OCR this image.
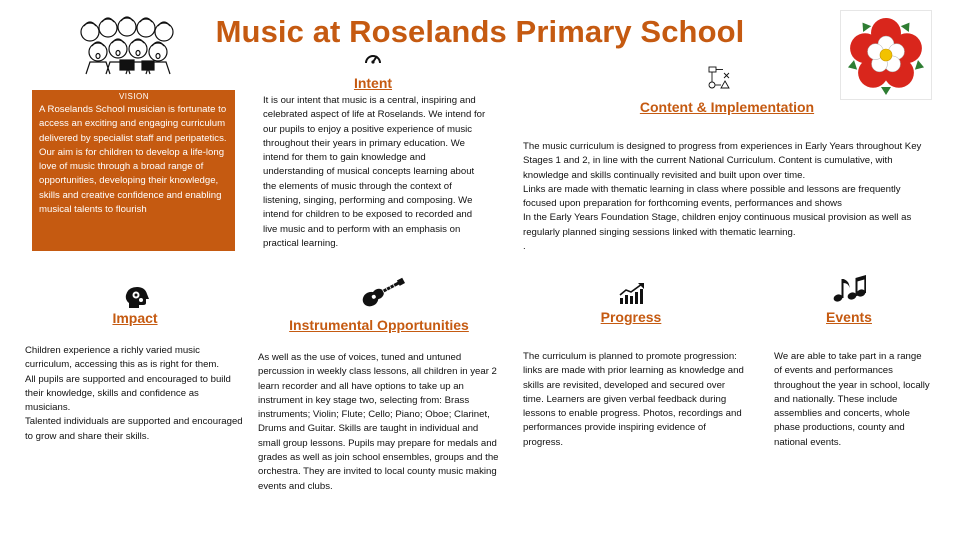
Music at Roselands Primary School
VISION
A Roselands School musician is fortunate to access an exciting and engaging curriculum delivered by specialist staff and peripatetics. Our aim is for children to develop a life-long love of music through a broad range of opportunities, developing their knowledge, skills and creative confidence and enabling musical talents to flourish
Intent
It is our intent that music is a central, inspiring and celebrated aspect of life at Roselands. We intend for our pupils to enjoy a positive experience of music throughout their years in primary education. We intend for them to gain knowledge and understanding of musical concepts learning about the elements of music through the context of listening, singing, performing and composing. We intend for children to be exposed to recorded and live music and to perform with an emphasis on practical learning.
Content & Implementation

The music curriculum is designed to progress from experiences in Early Years throughout Key Stages 1 and 2, in line with the current National Curriculum. Content is cumulative, with knowledge and skills continually revisited and built upon over time.

Links are made with thematic learning in class where possible and lessons are frequently focused upon preparation for forthcoming events, performances and shows

In the Early Years Foundation Stage, children enjoy continuous musical provision as well as regularly planned singing sessions linked with thematic learning.

.

Impact

Children experience a richly varied music curriculum, accessing this as is right for them.

All pupils are supported and encouraged to build their knowledge, skills and confidence as musicians.

Talented individuals are supported and encouraged to grow and share their skills.

Instrumental Opportunities
As well as the use of voices, tuned and untuned percussion in weekly class lessons, all children in year 2 learn recorder and all have options to take up an instrument in key stage two, selecting from: Brass instruments; Violin; Flute; Cello; Piano; Oboe; Clarinet, Drums and Guitar. Skills are taught in individual and small group lessons. Pupils may prepare for medals and grades as well as join school ensembles, groups and the orchestra. They are invited to local county music making events and clubs.
Progress
The curriculum is planned to promote progression: links are made with prior learning as knowledge and skills are revisited, developed and secured over time. Learners are given verbal feedback during lessons to enable progress. Photos, recordings and performances provide inspiring evidence of progress.
Events
We are able to take part in a range of events and performances throughout the year in school, locally and nationally. These include assemblies and concerts, whole phase productions, county and national events.
